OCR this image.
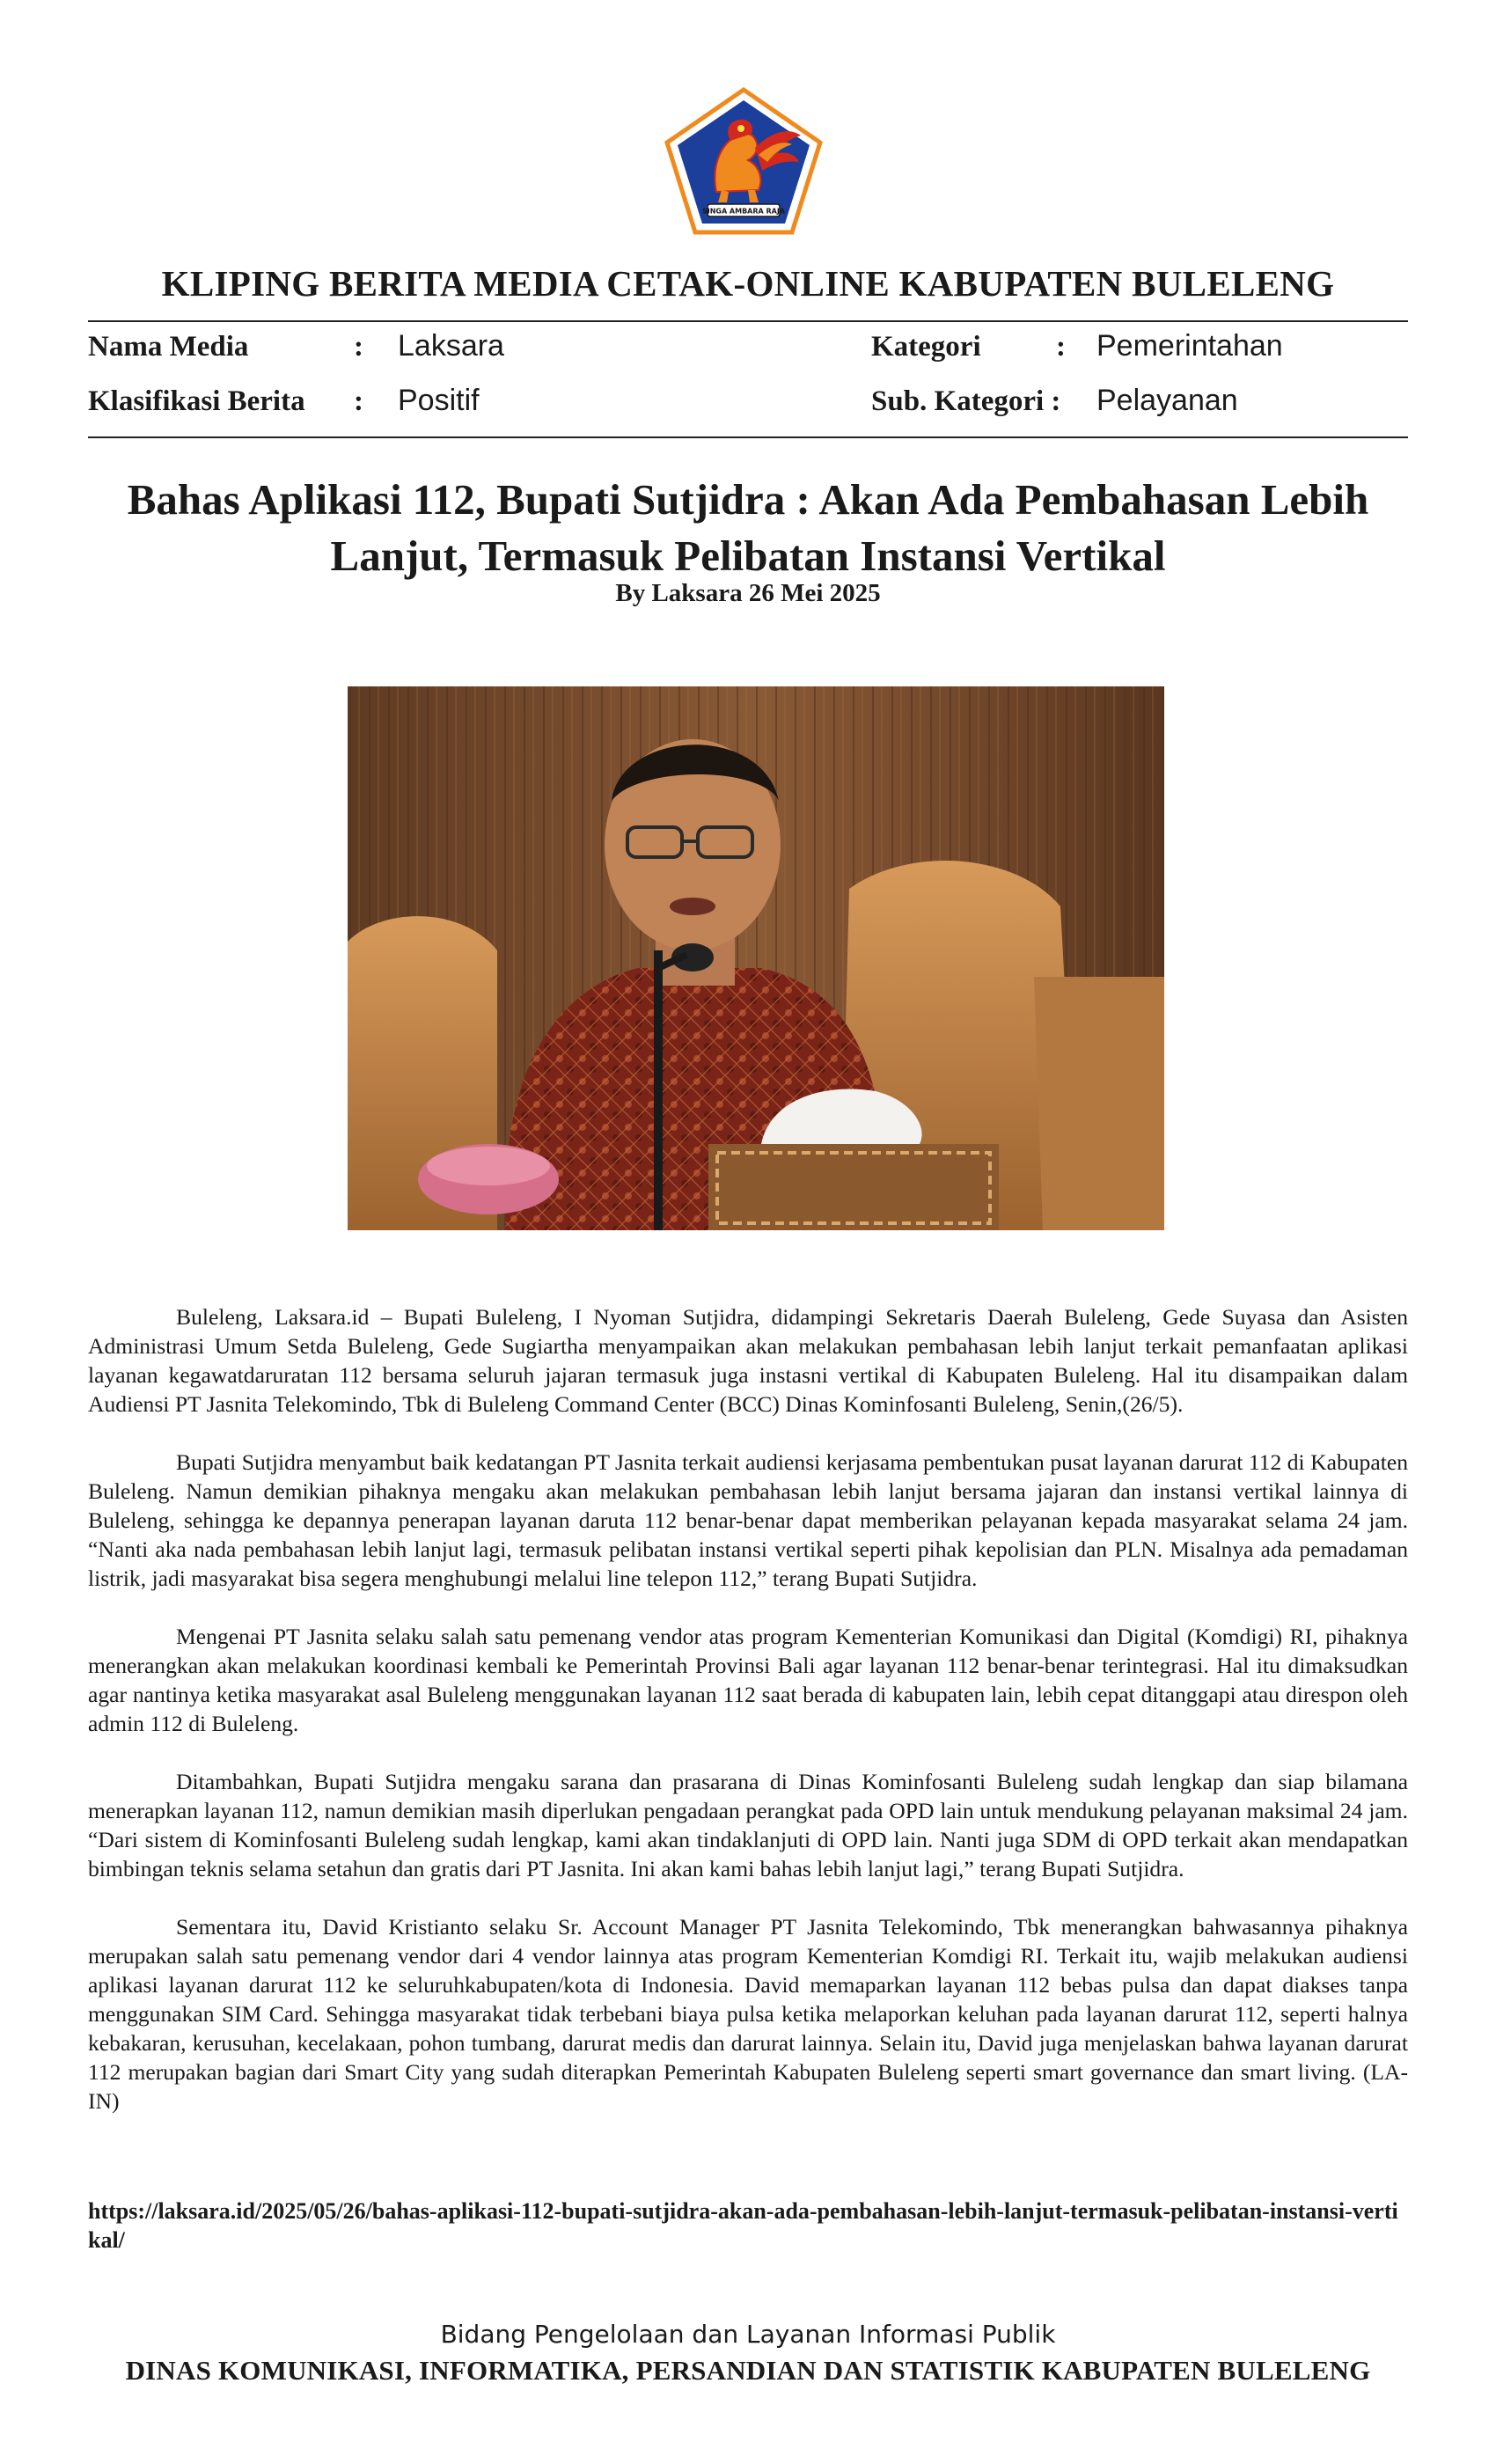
SINGA AMBARA RAJA
KLIPING BERITA MEDIA CETAK-ONLINE KABUPATEN BULELENG
Nama Media	: Laksara
Klasifikasi Berita : Positif
Kategori	: Pemerintahan
Sub. Kategori : Pelayanan
Bahas Aplikasi 112, Bupati Sutjidra : Akan Ada Pembahasan Lebih
Lanjut, Termasuk Pelibatan Instansi Vertikal
By Laksara 26 Mei 2025

Buleleng, Laksara.id – Bupati Buleleng, I Nyoman Sutjidra, didampingi Sekretaris Daerah Buleleng, Gede Suyasa dan Asisten Administrasi Umum Setda Buleleng, Gede Sugiartha menyampaikan akan melakukan pembahasan lebih lanjut terkait pemanfaatan aplikasi layanan kegawatdaruratan 112 bersama seluruh jajaran termasuk juga instasni vertikal di Kabupaten Buleleng. Hal itu disampaikan dalam Audiensi PT Jasnita Telekomindo, Tbk di Buleleng Command Center (BCC) Dinas Kominfosanti Buleleng, Senin,(26/5).

Bupati Sutjidra menyambut baik kedatangan PT Jasnita terkait audiensi kerjasama pembentukan pusat layanan darurat 112 di Kabupaten Buleleng. Namun demikian pihaknya mengaku akan melakukan pembahasan lebih lanjut bersama jajaran dan instansi vertikal lainnya di Buleleng, sehingga ke depannya penerapan layanan daruta 112 benar-benar dapat memberikan pelayanan kepada masyarakat selama 24 jam. “Nanti aka nada pembahasan lebih lanjut lagi, termasuk pelibatan instansi vertikal seperti pihak kepolisian dan PLN. Misalnya ada pemadaman listrik, jadi masyarakat bisa segera menghubungi melalui line telepon 112,” terang Bupati Sutjidra.

Mengenai PT Jasnita selaku salah satu pemenang vendor atas program Kementerian Komunikasi dan Digital (Komdigi) RI, pihaknya menerangkan akan melakukan koordinasi kembali ke Pemerintah Provinsi Bali agar layanan 112 benar-benar terintegrasi. Hal itu dimaksudkan agar nantinya ketika masyarakat asal Buleleng menggunakan layanan 112 saat berada di kabupaten lain, lebih cepat ditanggapi atau direspon oleh admin 112 di Buleleng.

Ditambahkan, Bupati Sutjidra mengaku sarana dan prasarana di Dinas Kominfosanti Buleleng sudah lengkap dan siap bilamana menerapkan layanan 112, namun demikian masih diperlukan pengadaan perangkat pada OPD lain untuk mendukung pelayanan maksimal 24 jam. “Dari sistem di Kominfosanti Buleleng sudah lengkap, kami akan tindaklanjuti di OPD lain. Nanti juga SDM di OPD terkait akan mendapatkan bimbingan teknis selama setahun dan gratis dari PT Jasnita. Ini akan kami bahas lebih lanjut lagi,” terang Bupati Sutjidra.

Sementara itu, David Kristianto selaku Sr. Account Manager PT Jasnita Telekomindo, Tbk menerangkan bahwasannya pihaknya merupakan salah satu pemenang vendor dari 4 vendor lainnya atas program Kementerian Komdigi RI. Terkait itu, wajib melakukan audiensi aplikasi layanan darurat 112 ke seluruhkabupaten/kota di Indonesia. David memaparkan layanan 112 bebas pulsa dan dapat diakses tanpa menggunakan SIM Card. Sehingga masyarakat tidak terbebani biaya pulsa ketika melaporkan keluhan pada layanan darurat 112, seperti halnya kebakaran, kerusuhan, kecelakaan, pohon tumbang, darurat medis dan darurat lainnya. Selain itu, David juga menjelaskan bahwa layanan darurat 112 merupakan bagian dari Smart City yang sudah diterapkan Pemerintah Kabupaten Buleleng seperti smart governance dan smart living. (LA-IN)

https://laksara.id/2025/05/26/bahas-aplikasi-112-bupati-sutjidra-akan-ada-pembahasan-lebih-lanjut-termasuk-pelibatan-instansi-vertikal/
Bidang Pengelolaan dan Layanan Informasi Publik
DINAS KOMUNIKASI, INFORMATIKA, PERSANDIAN DAN STATISTIK KABUPATEN BULELENG
